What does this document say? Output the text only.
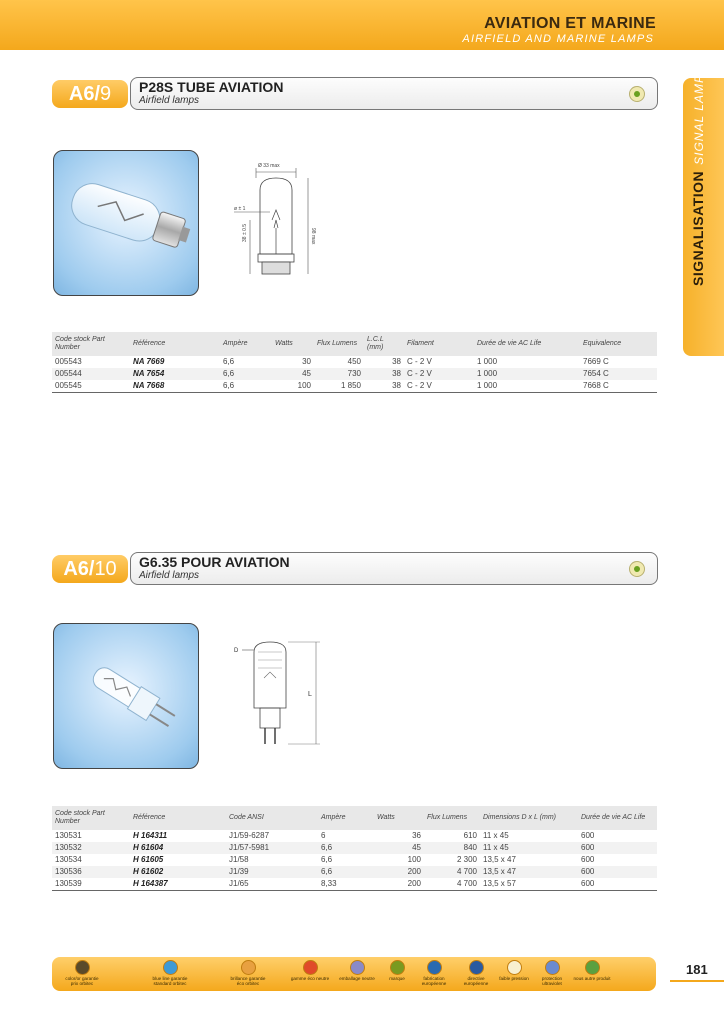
AVIATION ET MARINE
AIRFIELD AND MARINE LAMPS
SIGNALISATIONSIGNAL LAMPS
A6/ 9 P28S TUBE AVIATION
Airfield lamps
Ø 33 max
98 max
38 ± 0.5
ø ± 1
Code stock Part Number	Référence	Ampère	Watts	Flux Lumens	L.C.L (mm)	Filament	Durée de vie AC Life	Equivalence
005543	NA 7669	6,6	30	450	38	C - 2 V	1 000	7669 C
005544	NA 7654	6,6	45	730	38	C - 2 V	1 000	7654 C
005545	NA 7668	6,6	100	1 850	38	C - 2 V	1 000	7668 C
A6/ 10 G6.35 POUR AVIATION
Airfield lamps
D
L
Code stock Part Number	Référence	Code ANSI	Ampère	Watts	Flux Lumens	Dimensions D x L (mm)	Durée de vie AC Life
130531	H 164311	J1/59-6287	6	36	610	11 x 45	600
130532	H 61604	J1/57-5981	6,6	45	840	11 x 45	600
130534	H 61605	J1/58	6,6	100	2 300	13,5 x 47	600
130536	H 61602	J1/39	6,6	200	4 700	13,5 x 47	600
130539	H 164387	J1/65	8,33	200	4 700	13,5 x 57	600
color/or garantie prix orbitec
blue line garantie standard orbitec
brillance garantie éco orbitec
gamme éco neutre	emballage neutre	marque	fabrication européenne
directive européenne
faible pression	protection ultraviolet
nous autre produit
181
